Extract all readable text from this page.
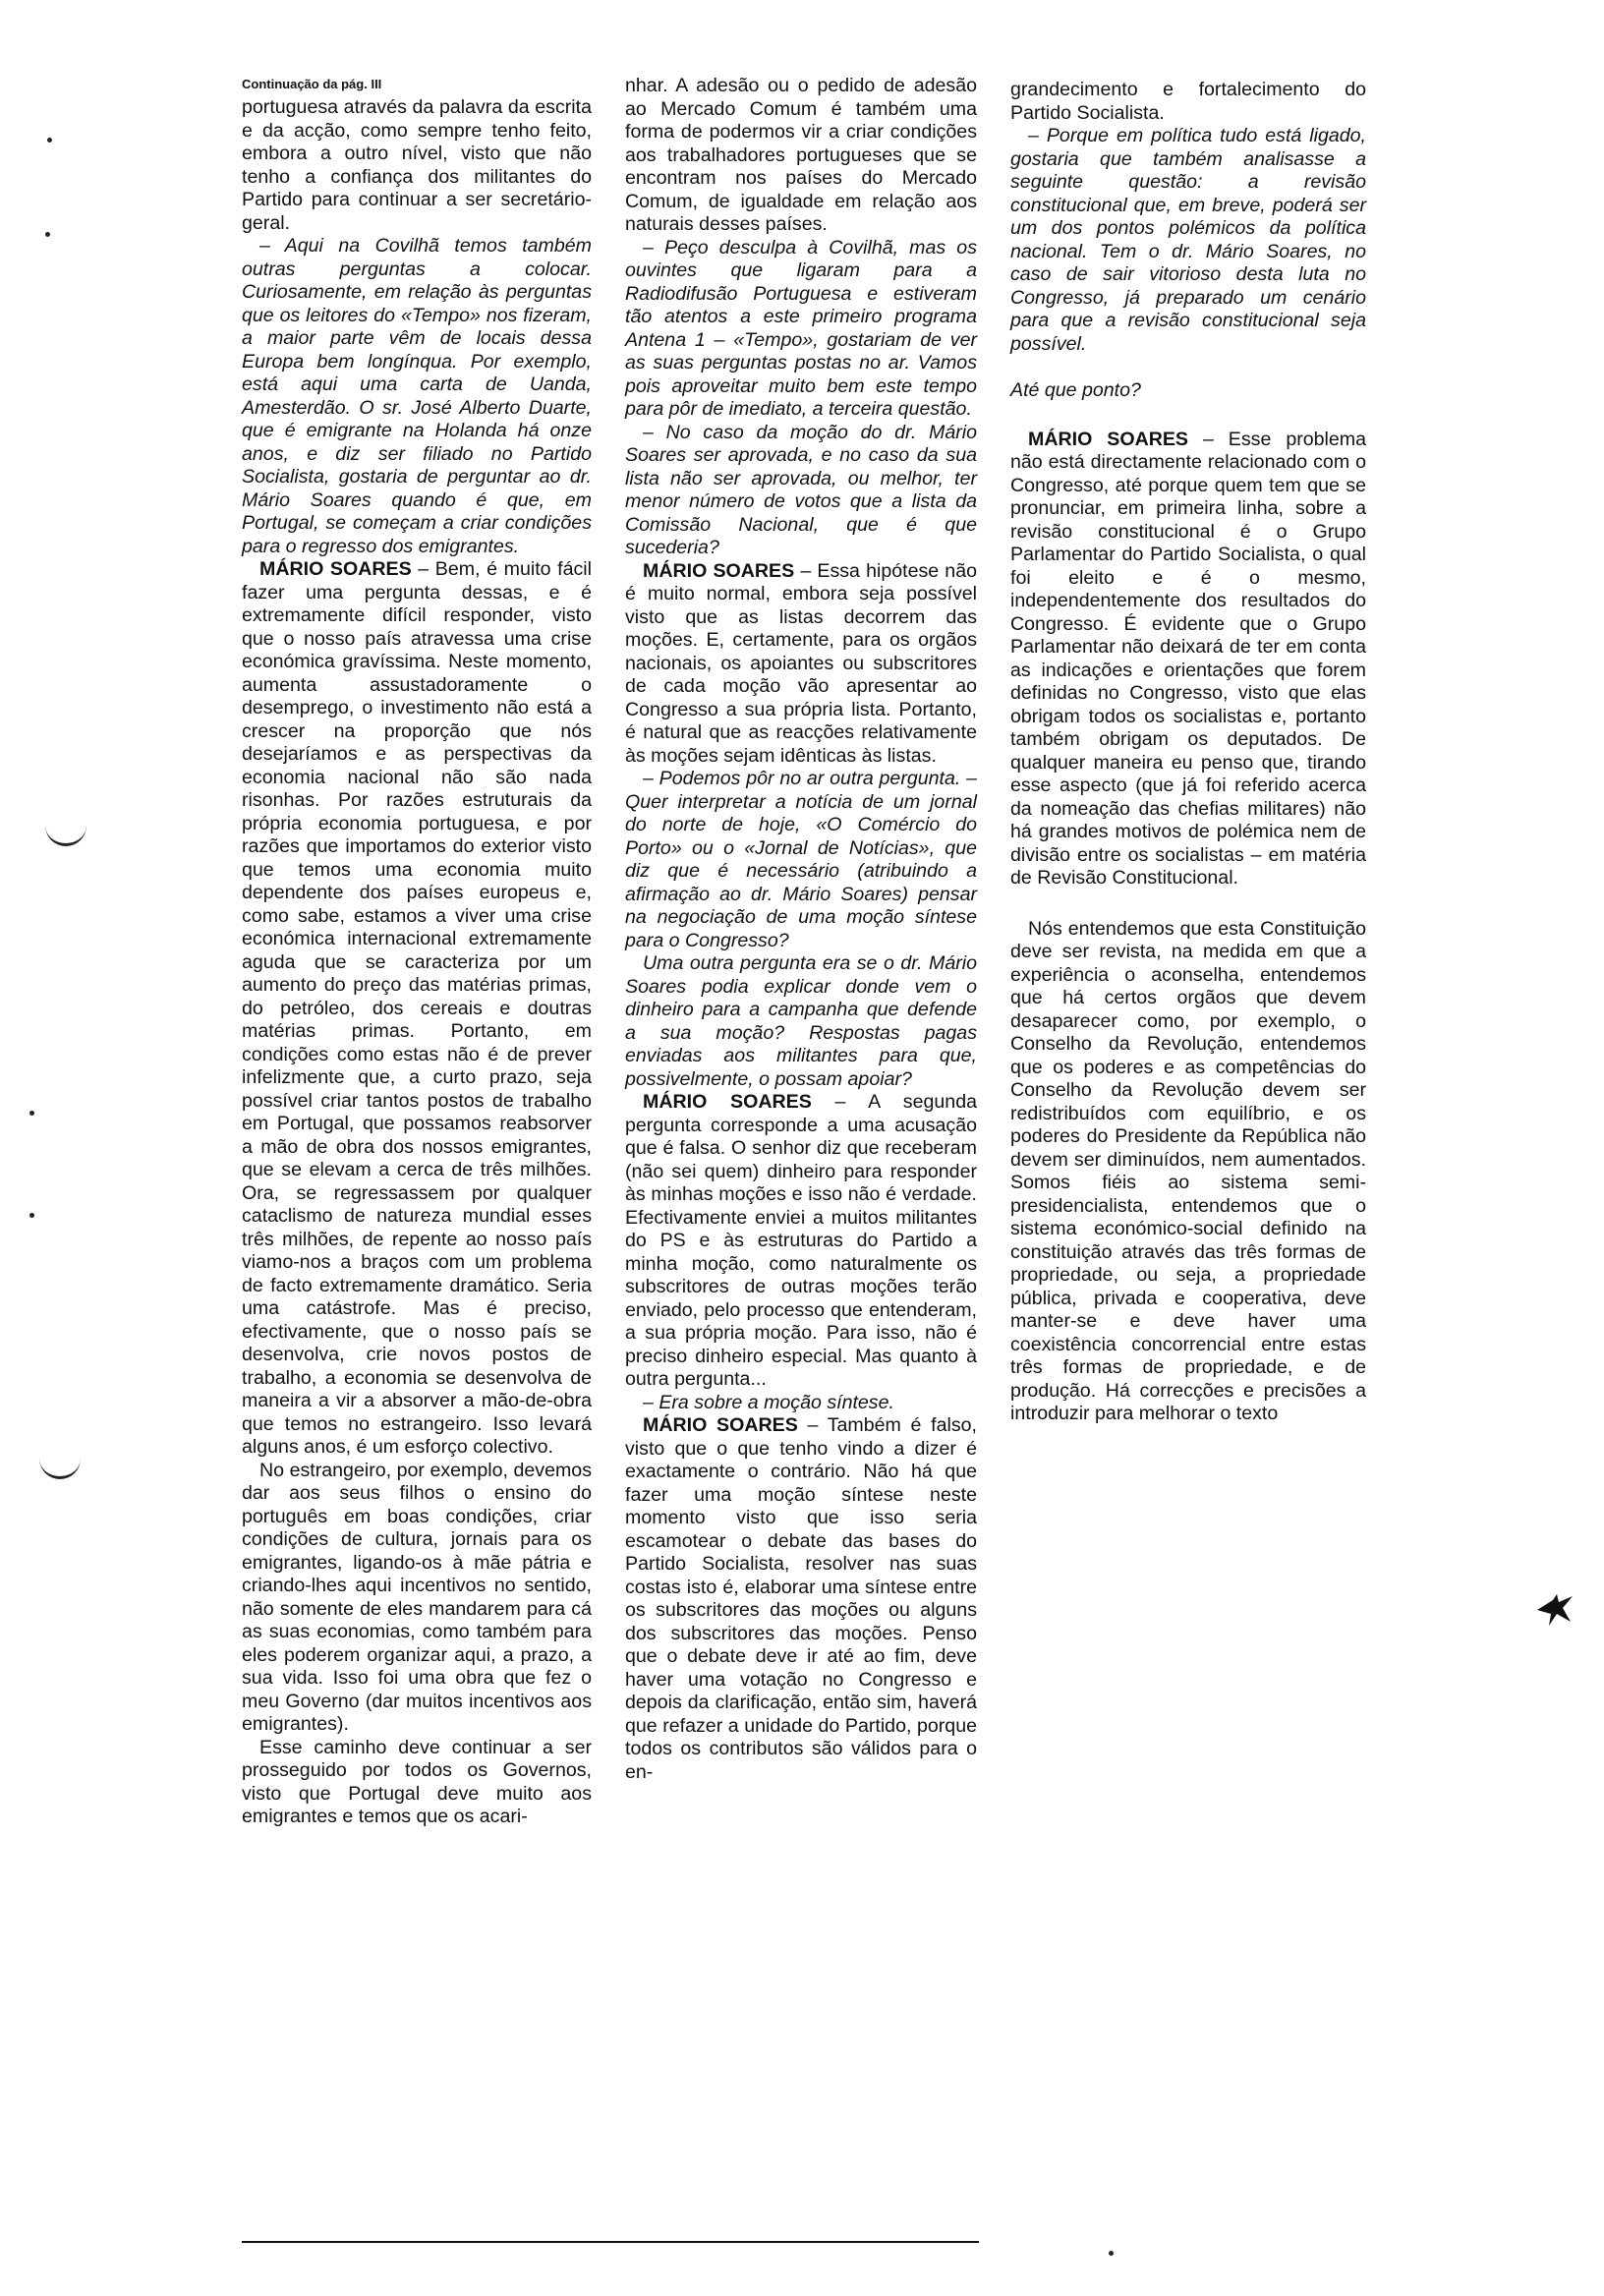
Continuação da pág. III

portuguesa através da palavra da escrita e da acção, como sempre tenho feito, embora a outro nível, visto que não tenho a confiança dos militantes do Partido para continuar a ser secretário-geral.

– Aqui na Covilhã temos também outras perguntas a colocar. Curiosamente, em relação às perguntas que os leitores do «Tempo» nos fizeram, a maior parte vêm de locais dessa Europa bem longínqua. Por exemplo, está aqui uma carta de Uanda, Amesterdão. O sr. José Alberto Duarte, que é emigrante na Holanda há onze anos, e diz ser filiado no Partido Socialista, gostaria de perguntar ao dr. Mário Soares quando é que, em Portugal, se começam a criar condições para o regresso dos emigrantes.

MÁRIO SOARES – Bem, é muito fácil fazer uma pergunta dessas, e é extremamente difícil responder, visto que o nosso país atravessa uma crise económica gravíssima. Neste momento, aumenta assustadoramente o desemprego, o investimento não está a crescer na proporção que nós desejaríamos e as perspectivas da economia nacional não são nada risonhas. Por razões estruturais da própria economia portuguesa, e por razões que importamos do exterior visto que temos uma economia muito dependente dos países europeus e, como sabe, estamos a viver uma crise económica internacional extremamente aguda que se caracteriza por um aumento do preço das matérias primas, do petróleo, dos cereais e doutras matérias primas. Portanto, em condições como estas não é de prever infelizmente que, a curto prazo, seja possível criar tantos postos de trabalho em Portugal, que possamos reabsorver a mão de obra dos nossos emigrantes, que se elevam a cerca de três milhões. Ora, se regressassem por qualquer cataclismo de natureza mundial esses três milhões, de repente ao nosso país viamo-nos a braços com um problema de facto extremamente dramático. Seria uma catástrofe. Mas é preciso, efectivamente, que o nosso país se desenvolva, crie novos postos de trabalho, a economia se desenvolva de maneira a vir a absorver a mão-de-obra que temos no estrangeiro. Isso levará alguns anos, é um esforço colectivo.

No estrangeiro, por exemplo, devemos dar aos seus filhos o ensino do português em boas condições, criar condições de cultura, jornais para os emigrantes, ligando-os à mãe pátria e criando-lhes aqui incentivos no sentido, não somente de eles mandarem para cá as suas economias, como também para eles poderem organizar aqui, a prazo, a sua vida. Isso foi uma obra que fez o meu Governo (dar muitos incentivos aos emigrantes).

Esse caminho deve continuar a ser prosseguido por todos os Governos, visto que Portugal deve muito aos emigrantes e temos que os acari-

nhar. A adesão ou o pedido de adesão ao Mercado Comum é também uma forma de podermos vir a criar condições aos trabalhadores portugueses que se encontram nos países do Mercado Comum, de igualdade em relação aos naturais desses países.

– Peço desculpa à Covilhã, mas os ouvintes que ligaram para a Radiodifusão Portuguesa e estiveram tão atentos a este primeiro programa Antena 1 – «Tempo», gostariam de ver as suas perguntas postas no ar. Vamos pois aproveitar muito bem este tempo para pôr de imediato, a terceira questão.

– No caso da moção do dr. Mário Soares ser aprovada, e no caso da sua lista não ser aprovada, ou melhor, ter menor número de votos que a lista da Comissão Nacional, que é que sucederia?

MÁRIO SOARES – Essa hipótese não é muito normal, embora seja possível visto que as listas decorrem das moções. E, certamente, para os orgãos nacionais, os apoiantes ou subscritores de cada moção vão apresentar ao Congresso a sua própria lista. Portanto, é natural que as reacções relativamente às moções sejam idênticas às listas.

– Podemos pôr no ar outra pergunta. – Quer interpretar a notícia de um jornal do norte de hoje, «O Comércio do Porto» ou o «Jornal de Notícias», que diz que é necessário (atribuindo a afirmação ao dr. Mário Soares) pensar na negociação de uma moção síntese para o Congresso?

Uma outra pergunta era se o dr. Mário Soares podia explicar donde vem o dinheiro para a campanha que defende a sua moção? Respostas pagas enviadas aos militantes para que, possivelmente, o possam apoiar?

MÁRIO SOARES – A segunda pergunta corresponde a uma acusação que é falsa. O senhor diz que receberam (não sei quem) dinheiro para responder às minhas moções e isso não é verdade. Efectivamente enviei a muitos militantes do PS e às estruturas do Partido a minha moção, como naturalmente os subscritores de outras moções terão enviado, pelo processo que entenderam, a sua própria moção. Para isso, não é preciso dinheiro especial. Mas quanto à outra pergunta...

– Era sobre a moção síntese.

MÁRIO SOARES – Também é falso, visto que o que tenho vindo a dizer é exactamente o contrário. Não há que fazer uma moção síntese neste momento visto que isso seria escamotear o debate das bases do Partido Socialista, resolver nas suas costas isto é, elaborar uma síntese entre os subscritores das moções ou alguns dos subscritores das moções. Penso que o debate deve ir até ao fim, deve haver uma votação no Congresso e depois da clarificação, então sim, haverá que refazer a unidade do Partido, porque todos os contributos são válidos para o en-

grandecimento e fortalecimento do Partido Socialista.

– Porque em política tudo está ligado, gostaria que também analisasse a seguinte questão: a revisão constitucional que, em breve, poderá ser um dos pontos polémicos da política nacional. Tem o dr. Mário Soares, no caso de sair vitorioso desta luta no Congresso, já preparado um cenário para que a revisão constitucional seja possível.

Até que ponto?

MÁRIO SOARES – Esse problema não está directamente relacionado com o Congresso, até porque quem tem que se pronunciar, em primeira linha, sobre a revisão constitucional é o Grupo Parlamentar do Partido Socialista, o qual foi eleito e é o mesmo, independentemente dos resultados do Congresso. É evidente que o Grupo Parlamentar não deixará de ter em conta as indicações e orientações que forem definidas no Congresso, visto que elas obrigam todos os socialistas e, portanto também obrigam os deputados. De qualquer maneira eu penso que, tirando esse aspecto (que já foi referido acerca da nomeação das chefias militares) não há grandes motivos de polémica nem de divisão entre os socialistas – em matéria de Revisão Constitucional.

Nós entendemos que esta Constituição deve ser revista, na medida em que a experiência o aconselha, entendemos que há certos orgãos que devem desaparecer como, por exemplo, o Conselho da Revolução, entendemos que os poderes e as competências do Conselho da Revolução devem ser redistribuídos com equilíbrio, e os poderes do Presidente da República não devem ser diminuídos, nem aumentados. Somos fiéis ao sistema semi-presidencialista, entendemos que o sistema económico-social definido na constituição através das três formas de propriedade, ou seja, a propriedade pública, privada e cooperativa, deve manter-se e deve haver uma coexistência concorrencial entre estas três formas de propriedade, e de produção. Há correcções e precisões a introduzir para melhorar o texto
